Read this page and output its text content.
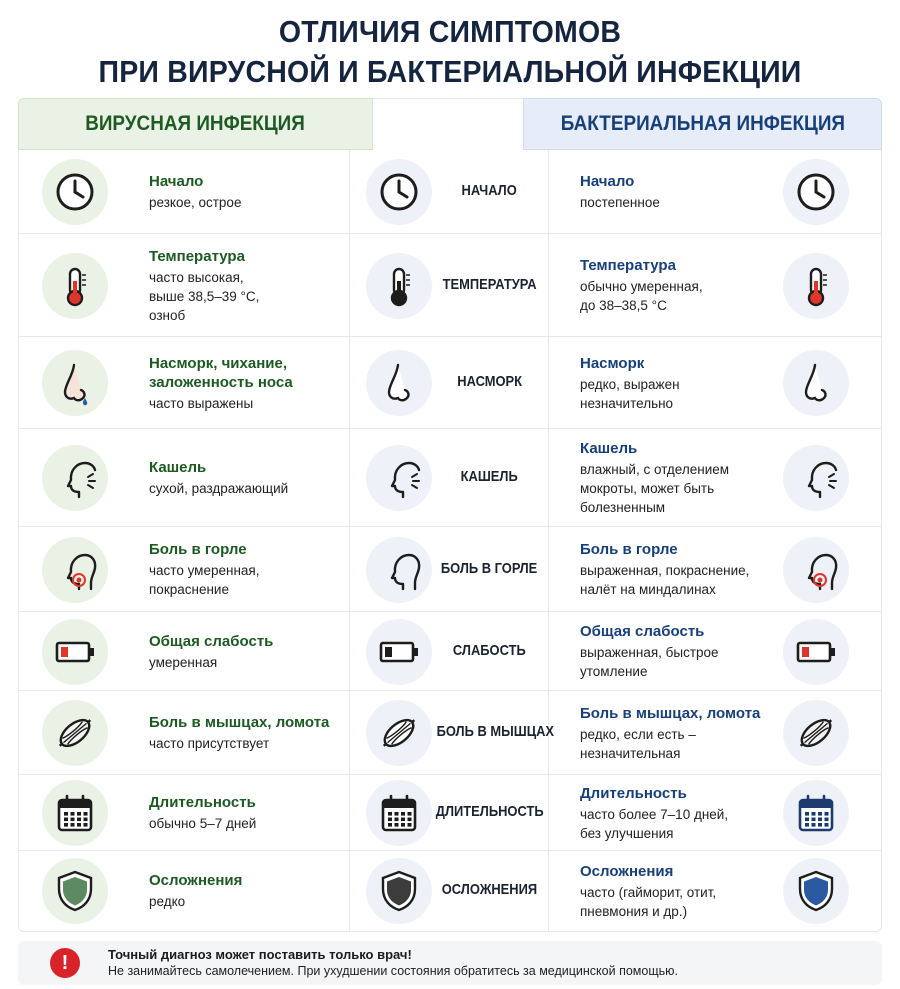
ОТЛИЧИЯ СИМПТОМОВ
ПРИ ВИРУСНОЙ И БАКТЕРИАЛЬНОЙ ИНФЕКЦИИ
ВИРУСНАЯ ИНФЕКЦИЯ	БАКТЕРИАЛЬНАЯ ИНФЕКЦИЯ
Начало
резкое, острое
НАЧАЛО
Начало
постепенное
Температура
часто высокая,
выше 38,5–39 °С,
озноб
ТЕМПЕРАТУРА
Температура
обычно умеренная,
до 38–38,5 °С
Насморк, чихание, заложенность носа
часто выражены
НАСМОРК
Насморк
редко, выражен
незначительно
Кашель
сухой, раздражающий
КАШЕЛЬ
Кашель
влажный, с отделением
мокроты, может быть
болезненным
Боль в горле
часто умеренная,
покраснение
БОЛЬ В ГОРЛЕ
Боль в горле
выраженная, покраснение,
налёт на миндалинах
Общая слабость
умеренная
СЛАБОСТЬ
Общая слабость
выраженная, быстрое
утомление
Боль в мышцах, ломота
часто присутствует
БОЛЬ В МЫШЦАХ
Боль в мышцах, ломота
редко, если есть –
незначительная
Длительность
обычно 5–7 дней
ДЛИТЕЛЬНОСТЬ
Длительность
часто более 7–10 дней,
без улучшения
Осложнения
редко
ОСЛОЖНЕНИЯ
Осложнения
часто (гайморит, отит,
пневмония и др.)
!	Точный диагноз может поставить только врач!
Не занимайтесь самолечением. При ухудшении состояния обратитесь за медицинской помощью.
